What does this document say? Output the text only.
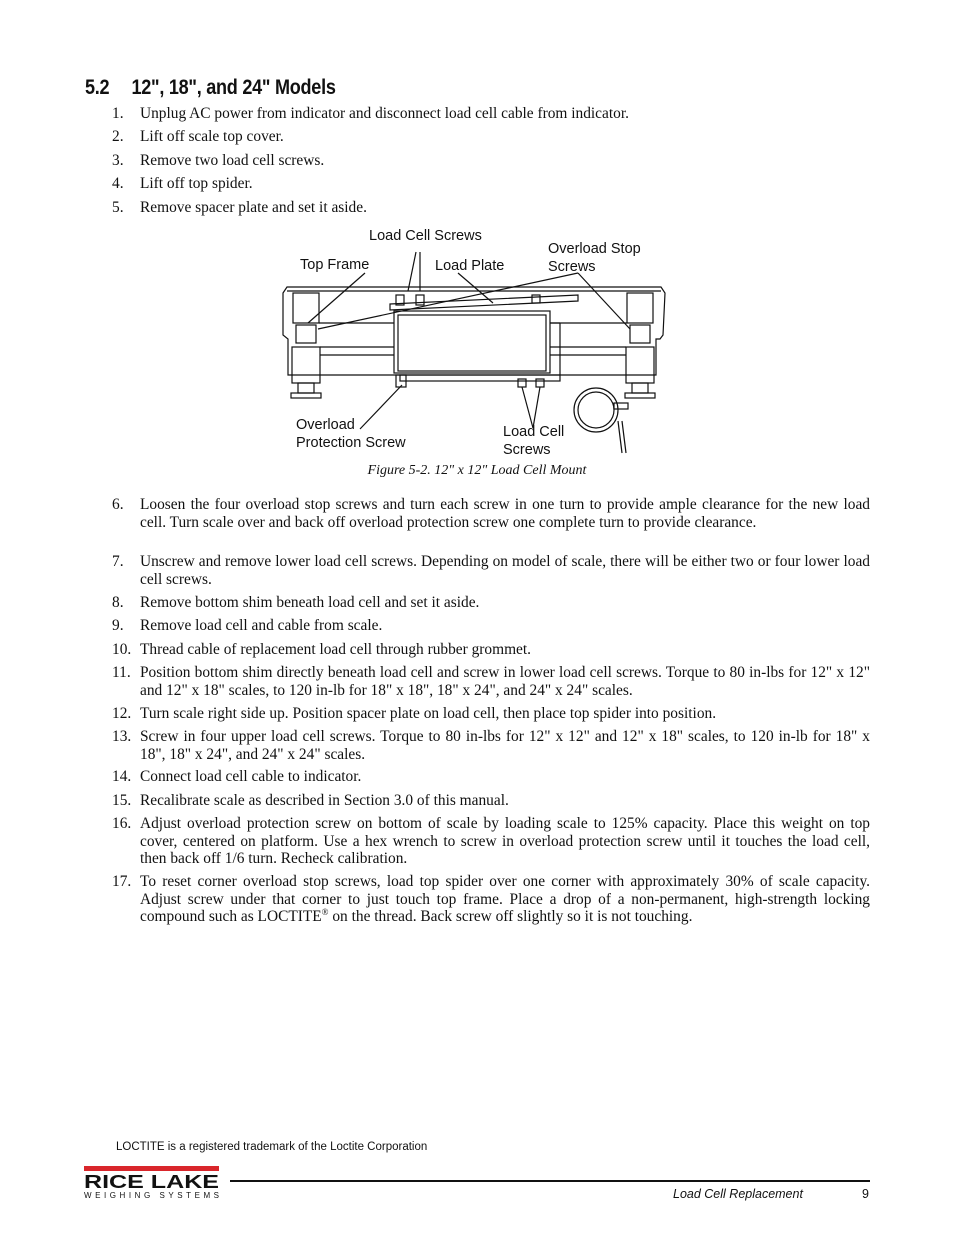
5.2 12", 18", and 24" Models
1.	Unplug AC power from indicator and disconnect load cell cable from indicator.
2.	Lift off scale top cover.
3.	Remove two load cell screws.
4.	Lift off top spider.
5.	Remove spacer plate and set it aside.
6.	Loosen the four overload stop screws and turn each screw in one turn to provide ample clearance for the new load cell. Turn scale over and back off overload protection screw one complete turn to provide clearance.
7.	Unscrew and remove lower load cell screws. Depending on model of scale, there will be either two or four lower load cell screws.
8.	Remove bottom shim beneath load cell and set it aside.
9.	Remove load cell and cable from scale.
10. Thread cable of replacement load cell through rubber grommet.
11. Position bottom shim directly beneath load cell and screw in lower load cell screws. Torque to 80 in-lbs for 12" x 12" and 12" x 18" scales, to 120 in-lb for 18" x 18", 18" x 24", and 24" x 24" scales.
12. Turn scale right side up. Position spacer plate on load cell, then place top spider into position.
13. Screw in four upper load cell screws. Torque to 80 in-lbs for 12" x 12" and 12" x 18" scales, to 120 in-lb for 18" x 18", 18" x 24", and 24" x 24" scales.
14. Connect load cell cable to indicator.
15. Recalibrate scale as described in Section 3.0 of this manual.
16. Adjust overload protection screw on bottom of scale by loading scale to 125% capacity. Place this weight on top cover, centered on platform. Use a hex wrench to screw in overload protection screw until it touches the load cell, then back off 1/6 turn. Recheck calibration.
17. To reset corner overload stop screws, load top spider over one corner with approximately 30% of scale capacity. Adjust screw under that corner to just touch top frame. Place a drop of a non-permanent, high-strength locking compound such as LOCTITE® on the thread. Back screw off slightly so it is not touching.
Load Cell Screws
Top Frame	Load Plate
Overload Stop
Screws
Overload
Protection Screw
Load Cell
Screws
Figure 5-2. 12" x 12" Load Cell Mount
LOCTITE is a registered trademark of the Loctite Corporation
RICE LAKE
WEIGHING SYSTEMS	Load Cell Replacement	9
